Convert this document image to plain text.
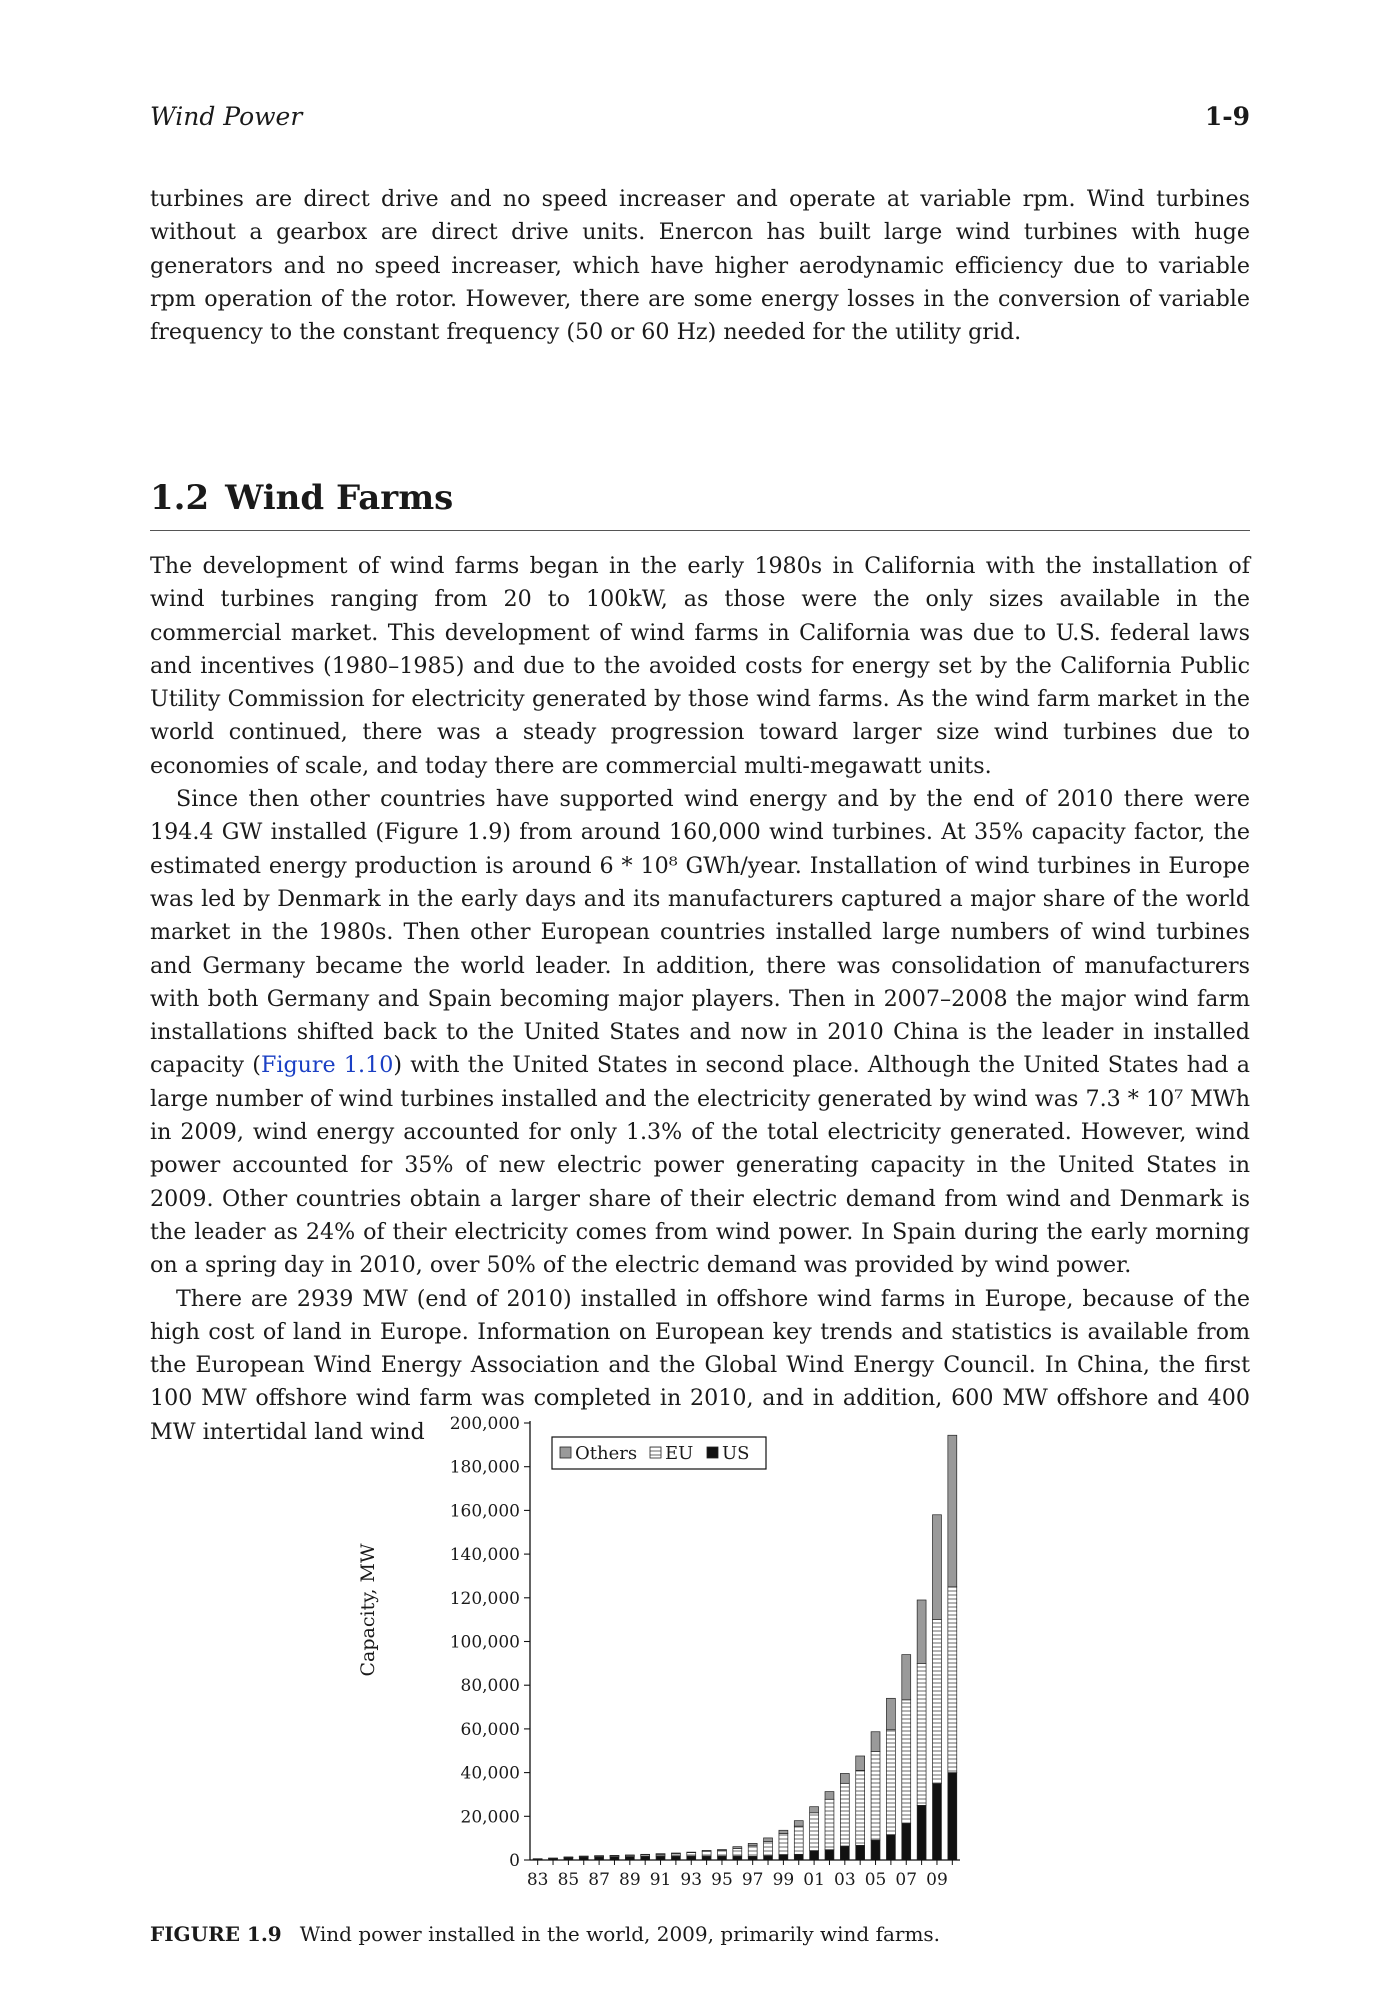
Wind Power	1-9

turbines are direct drive and no speed increaser and operate at variable rpm. Wind turbines without a gearbox are direct drive units. Enercon has built large wind turbines with huge generators and no speed increaser, which have higher aerodynamic efficiency due to variable rpm operation of the rotor. However, there are some energy losses in the conversion of variable frequency to the constant frequency (50 or 60 Hz) needed for the utility grid.

1.2 Wind Farms

The development of wind farms began in the early 1980s in California with the installation of wind turbines ranging from 20 to 100kW, as those were the only sizes available in the commercial market. This development of wind farms in California was due to U.S. federal laws and incentives (1980–1985) and due to the avoided costs for energy set by the California Public Utility Commission for electricity generated by those wind farms. As the wind farm market in the world continued, there was a steady progression toward larger size wind turbines due to economies of scale, and today there are commercial multi-megawatt units.

Since then other countries have supported wind energy and by the end of 2010 there were 194.4 GW installed (Figure 1.9) from around 160,000 wind turbines. At 35% capacity factor, the estimated energy production is around 6 * 10⁸ GWh/year. Installation of wind turbines in Europe was led by Denmark in the early days and its manufacturers captured a major share of the world market in the 1980s. Then other European countries installed large numbers of wind turbines and Germany became the world leader. In addition, there was consolidation of manufacturers with both Germany and Spain becoming major players. Then in 2007–2008 the major wind farm installations shifted back to the United States and now in 2010 China is the leader in installed capacity (Figure 1.10) with the United States in second place. Although the United States had a large number of wind turbines installed and the electricity generated by wind was 7.3 * 10⁷ MWh in 2009, wind energy accounted for only 1.3% of the total electricity generated. However, wind power accounted for 35% of new electric power generating capacity in the United States in 2009. Other countries obtain a larger share of their electric demand from wind and Denmark is the leader as 24% of their electricity comes from wind power. In Spain during the early morning on a spring day in 2010, over 50% of the electric demand was provided by wind power.

There are 2939 MW (end of 2010) installed in offshore wind farms in Europe, because of the high cost of land in Europe. Information on European key trends and statistics is available from the European Wind Energy Association and the Global Wind Energy Council. In China, the first 100 MW offshore wind farm was completed in 2010, and in addition, 600 MW offshore and 400 MW intertidal land wind

0
20,000
40,000
60,000
80,000
100,000
120,000
140,000
160,000
180,000
200,000
83 85 87 89 91 93 95 97 99 01 03 05 07 09
Capacity, MW
Others EU US
FIGURE 1.9 Wind power installed in the world, 2009, primarily wind farms.
